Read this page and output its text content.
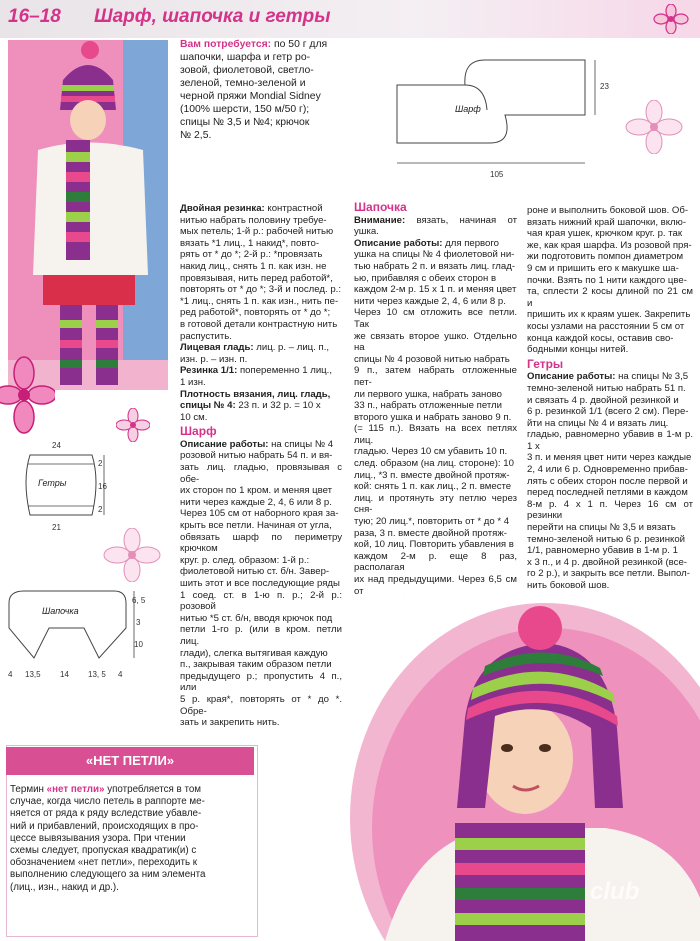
16–18 Шарф, шапочка и гетры

Вам потребуется: по 50 г для

шапочки, шарфа и гетр ро-

зовой, фиолетовой, светло-

зеленой, темно-зеленой и

черной пряжи Mondial Sidney

(100% шерсти, 150 м/50 г);

спицы № 3,5 и №4; крючок

№ 2,5.

Шарф
23
105
Гетры
24
21
2
16
2
Шапочка
6, 5
3
10
4 13,5 14 13, 5 4

Двойная резинка: контрастной

нитью набрать половину требуе-

мых петель; 1-й р.: рабочей нитью

вязать *1 лиц., 1 накид*, повто-

рять от * до *; 2-й р.: *провязать

накид лиц., снять 1 п. как изн. не

провязывая, нить перед работой*,

повторять от * до *; 3-й и послед. р.:

*1 лиц., снять 1 п. как изн., нить пе-

ред работой*, повторять от * до *;

в готовой детали контрастную нить

распустить.

Лицевая гладь: лиц. р. – лиц. п.,

изн. р. – изн. п.

Резинка 1/1: попеременно 1 лиц.,

1 изн.

Плотность вязания, лиц. гладь,

спицы № 4: 23 п. и 32 р. = 10 х

10 см.

Шарф

Описание работы: на спицы № 4

розовой нитью набрать 54 п. и вя-

зать лиц. гладью, провязывая с обе-

их сторон по 1 кром. и меняя цвет

нити через каждые 2, 4, 6 или 8 р.

Через 105 см от наборного края за-

крыть все петли. Начиная от угла,

обвязать шарф по периметру крючком

круг. р. след. образом: 1-й р.:

фиолетовой нитью ст. б/н. Завер-

шить этот и все последующие ряды

1 соед. ст. в 1-ю п. р.; 2-й р.: розовой

нитью *5 ст. б/н, вводя крючок под

петли 1-го р. (или в кром. петли лиц.

глади), слегка вытягивая каждую

п., закрывая таким образом петли

предыдущего р.; пропустить 4 п., или

5 р. края*, повторять от * до *. Обре-

зать и закрепить нить.

Шапочка

Внимание: вязать, начиная от ушка.

Описание работы: для первого

ушка на спицы № 4 фиолетовой ни-

тью набрать 2 п. и вязать лиц. глад-

ью, прибавляя с обеих сторон в

каждом 2-м р. 15 х 1 п. и меняя цвет

нити через каждые 2, 4, 6 или 8 р.

Через 10 см отложить все петли. Так

же связать второе ушко. Отдельно на

спицы № 4 розовой нитью набрать

9 п., затем набрать отложенные пет-

ли первого ушка, набрать заново

33 п., набрать отложенные петли

второго ушка и набрать заново 9 п.

(= 115 п.). Вязать на всех петлях лиц.

гладью. Через 10 см убавить 10 п.

след. образом (на лиц. стороне): 10

лиц., *3 п. вместе двойной протяж-

кой: снять 1 п. как лиц., 2 п. вместе

лиц. и протянуть эту петлю через сня-

тую; 20 лиц.*, повторить от * до * 4

раза, 3 п. вместе двойной протяж-

кой, 10 лиц. Повторить убавления в

каждом 2-м р. еще 8 раз, располагая

их над предыдущими. Через 6,5 см от

роне и выполнить боковой шов. Об-

вязать нижний край шапочки, вклю-

чая края ушек, крючком круг. р. так

же, как края шарфа. Из розовой пря-

жи подготовить помпон диаметром

9 см и пришить его к макушке ша-

почки. Взять по 1 нити каждого цве-

та, сплести 2 косы длиной по 21 см и

пришить их к краям ушек. Закрепить

косы узлами на расстоянии 5 см от

конца каждой косы, оставив сво-

бодными концы нитей.

Гетры

Описание работы: на спицы № 3,5

темно-зеленой нитью набрать 51 п.

и связать 4 р. двойной резинкой и

6 р. резинкой 1/1 (всего 2 см). Пере-

йти на спицы № 4 и вязать лиц.

гладью, равномерно убавив в 1-м р. 1 х

3 п. и меняя цвет нити через каждые

2, 4 или 6 р. Одновременно прибав-

лять с обеих сторон после первой и

перед последней петлями в каждом

8-м р. 4 х 1 п. Через 16 см от резинки

перейти на спицы № 3,5 и вязать

темно-зеленой нитью 6 р. резинкой

1/1, равномерно убавив в 1-м р. 1

х 3 п., и 4 р. двойной резинкой (все-

го 2 р.), и закрыть все петли. Выпол-

нить боковой шов.

club
«НЕТ ПЕТЛИ»
Термин «нет петли» употребляется в том
случае, когда число петель в раппорте ме-
няется от ряда к ряду вследствие убавле-
ний и прибавлений, происходящих в про-
цессе вывязывания узора. При чтении
схемы следует, пропуская квадратик(и) с
обозначением «нет петли», переходить к
выполнению следующего за ним элемента
(лиц., изн., накид и др.).
